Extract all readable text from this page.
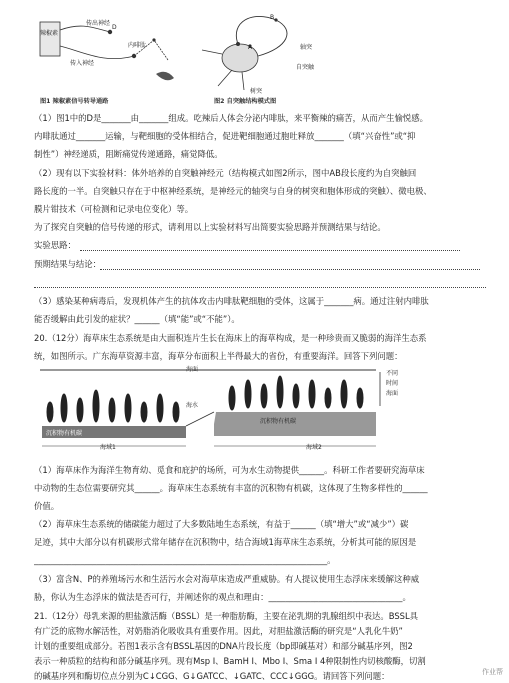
辣椒素
传出神经
传入神经
内啡肽
D
图1 辣椒素信号转导通路
B
A	轴突
自突触
树突
图2 自突触结构模式图
（1）图1中的D是_______由_______组成。吃辣后人体会分泌内啡肽，来平衡辣的痛苦，从而产生愉悦感。
内啡肽通过_______运输，与靶细胞的受体相结合，促进靶细胞通过胞吐释放_______（填“兴奋性”或“抑
制性”）神经递质，阻断痛觉传递通路，痛觉降低。
（2）现有以下实验材料：体外培养的自突触神经元（结构模式如图2所示，图中AB段长度约为自突触回
路长度的一半。自突触只存在于中枢神经系统，是神经元的轴突与自身的树突和胞体形成的突触）、微电极、
膜片钳技术（可检测和记录电位变化）等。
为了探究自突触的信号传递的形式，请利用以上实验材料写出简要实验思路并预测结果与结论。
实验思路：
预期结果与结论：
（3）感染某种病毒后，发现机体产生的抗体攻击内啡肽靶细胞的受体，这属于_______病。通过注射内啡肽
能否缓解由此引发的症状？______（填“能”或“不能”）。
20.（12分）海草床生态系统是由大面积连片生长在海床上的海草构成，是一种珍贵而又脆弱的海洋生态系
统，如图所示。广东海草资源丰富，海草分布面积上半得最大的省份，有重要海洋。回答下列问题：
海面
海水
沉积物有机碳
沉积物有机碳
海域1	海域2
不同
时间
海面
（1）海草床作为海洋生物育幼、觅食和庇护的场所，可为水生动物提供______。科研工作者要研究海草床
中动物的生态位需要研究其______。海草床生态系统有丰富的沉积物有机碳，这体现了生物多样性的______
价值。
（2）海草床生态系统的储碳能力超过了大多数陆地生态系统，有益于______（填“增大”或“减少”）碳
足迹，其中大部分以有机碳形式常年储存在沉积物中，结合海域1海草床生态系统，分析其可能的原因是
______________________________________________________________________。
（3）富含N、P的养殖场污水和生活污水会对海草床造成严重威胁。有人提议使用生态浮床来缓解这种威
胁，你认为生态浮床的做法是否可行，并阐述你的观点和理由：________________________________。
21.（12分）母乳来源的胆盐激活酶（BSSL）是一种脂肪酶，主要在泌乳期的乳腺组织中表达。BSSL具
有广泛的底物水解活性，对奶脂消化吸收具有重要作用。因此，对胆盐激活酶的研究是“人乳化牛奶”
计划的重要组成部分。若图1表示含有BSSL基因的DNA片段长度（bp即碱基对）和部分碱基序列，图2
表示一种质粒的结构和部分碱基序列。现有Msp I、BamH I、Mbo I、Sma I 4种限制性内切核酸酶，切割
的碱基序列和酶切位点分别为C↓CGG、G↓GATCC、↓GATC、CCC↓GGG。请回答下列问题：	作业帮
